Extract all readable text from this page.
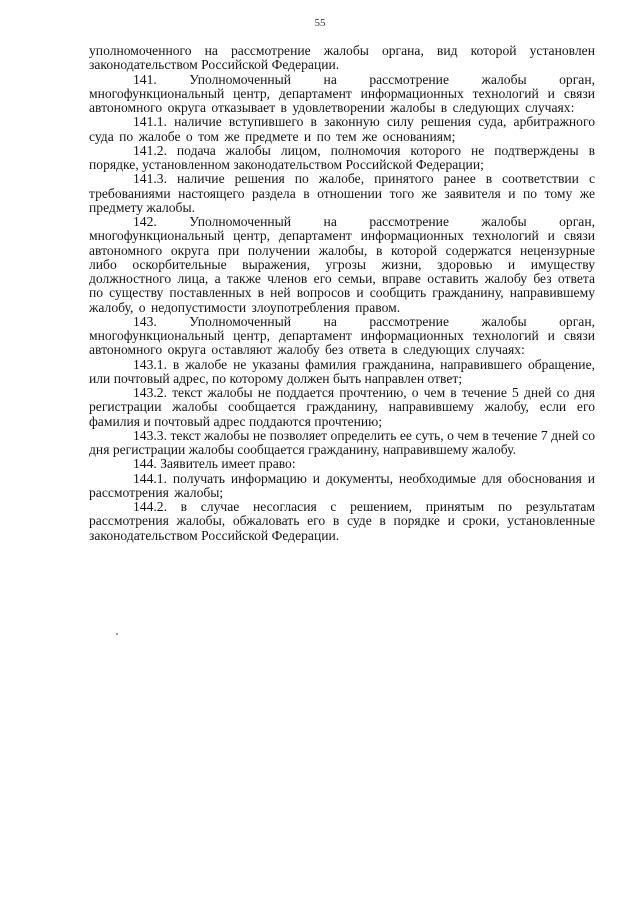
55

уполномоченного на рассмотрение жалобы органа, вид которой установлен законодательством Российской Федерации.

141. Уполномоченный на рассмотрение жалобы орган, многофункциональный центр, департамент информационных технологий и связи автономного округа отказывает в удовлетворении жалобы в следующих случаях:

141.1. наличие вступившего в законную силу решения суда, арбитражного суда по жалобе о том же предмете и по тем же основаниям;

141.2. подача жалобы лицом, полномочия которого не подтверждены в порядке, установленном законодательством Российской Федерации;

141.3. наличие решения по жалобе, принятого ранее в соответствии с требованиями настоящего раздела в отношении того же заявителя и по тому же предмету жалобы.

142. Уполномоченный на рассмотрение жалобы орган, многофункциональный центр, департамент информационных технологий и связи автономного округа при получении жалобы, в которой содержатся нецензурные либо оскорбительные выражения, угрозы жизни, здоровью и имуществу должностного лица, а также членов его семьи, вправе оставить жалобу без ответа по существу поставленных в ней вопросов и сообщить гражданину, направившему жалобу, о недопустимости злоупотребления правом.

143. Уполномоченный на рассмотрение жалобы орган, многофункциональный центр, департамент информационных технологий и связи автономного округа оставляют жалобу без ответа в следующих случаях:

143.1. в жалобе не указаны фамилия гражданина, направившего обращение, или почтовый адрес, по которому должен быть направлен ответ;

143.2. текст жалобы не поддается прочтению, о чем в течение 5 дней со дня регистрации жалобы сообщается гражданину, направившему жалобу, если его фамилия и почтовый адрес поддаются прочтению;

143.3. текст жалобы не позволяет определить ее суть, о чем в течение 7 дней со дня регистрации жалобы сообщается гражданину, направившему жалобу.

144. Заявитель имеет право:

144.1. получать информацию и документы, необходимые для обоснования и рассмотрения жалобы;

144.2. в случае несогласия с решением, принятым по результатам рассмотрения жалобы, обжаловать его в суде в порядке и сроки, установленные законодательством Российской Федерации.
